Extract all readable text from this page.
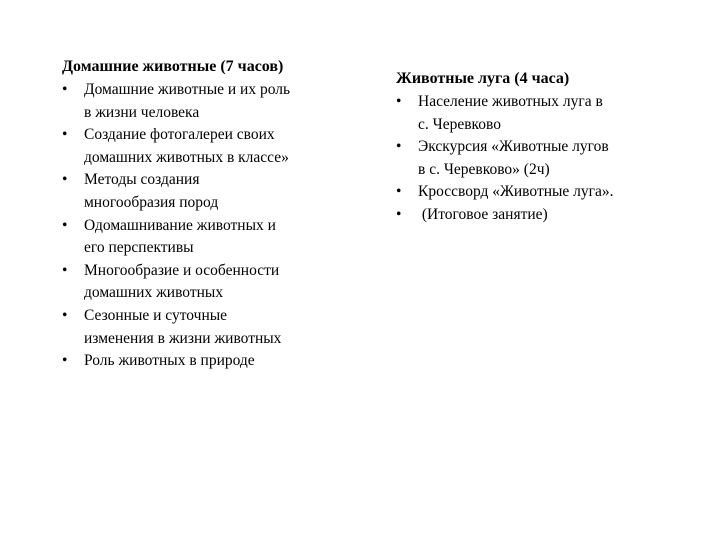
Домашние животные (7 часов)
•	Домашние животные и их роль
в жизни человека
•	Создание фотогалереи своих
домашних животных в классе»
•	Методы создания
многообразия пород
•	Одомашнивание животных и
его перспективы
•	Многообразие и особенности
домашних животных
•	Сезонные и суточные
изменения в жизни животных
•	Роль животных в природе
Животные луга (4 часа)
•	Население животных луга в
с. Черевково
•	Экскурсия «Животные лугов
в с. Черевково» (2ч)
•	Кроссворд «Животные луга».
•	(Итоговое занятие)
